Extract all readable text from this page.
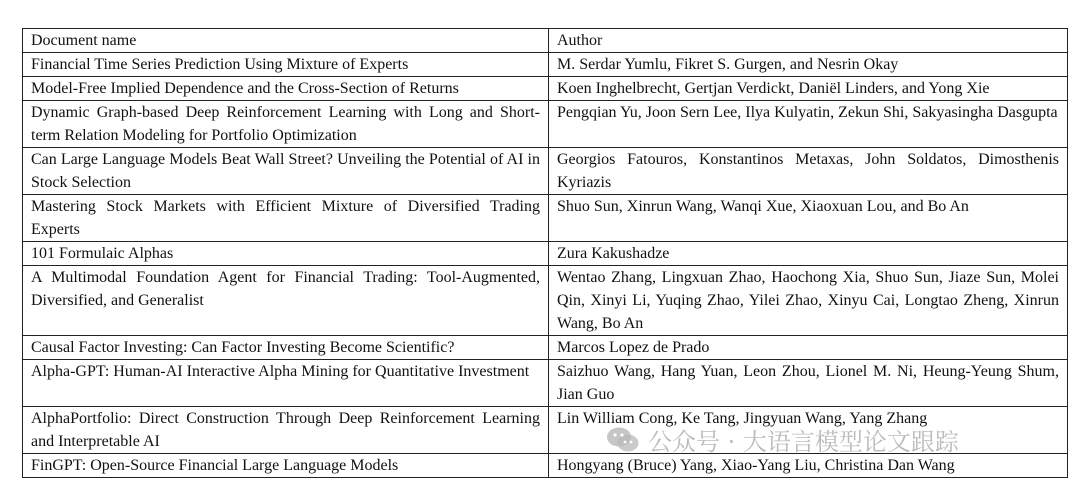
Document name	Author
Financial Time Series Prediction Using Mixture of Experts	M. Serdar Yumlu, Fikret S. Gurgen, and Nesrin Okay
Model-Free Implied Dependence and the Cross-Section of Returns	Koen Inghelbrecht, Gertjan Verdickt, Daniël Linders, and Yong Xie
Dynamic Graph-based Deep Reinforcement Learning with Long and Short-term Relation Modeling for Portfolio Optimization	Pengqian Yu, Joon Sern Lee, Ilya Kulyatin, Zekun Shi, Sakyasingha Dasgupta
Can Large Language Models Beat Wall Street? Unveiling the Potential of AI in Stock Selection	Georgios Fatouros, Konstantinos Metaxas, John Soldatos, Dimosthenis Kyriazis
Mastering Stock Markets with Efficient Mixture of Diversified Trading Experts	Shuo Sun, Xinrun Wang, Wanqi Xue, Xiaoxuan Lou, and Bo An
101 Formulaic Alphas	Zura Kakushadze
A Multimodal Foundation Agent for Financial Trading: Tool-Augmented, Diversified, and Generalist	Wentao Zhang, Lingxuan Zhao, Haochong Xia, Shuo Sun, Jiaze Sun, Molei Qin, Xinyi Li, Yuqing Zhao, Yilei Zhao, Xinyu Cai, Longtao Zheng, Xinrun Wang, Bo An
Causal Factor Investing: Can Factor Investing Become Scientific?	Marcos Lopez de Prado
Alpha-GPT: Human-AI Interactive Alpha Mining for Quantitative Investment	Saizhuo Wang, Hang Yuan, Leon Zhou, Lionel M. Ni, Heung-Yeung Shum, Jian Guo
AlphaPortfolio: Direct Construction Through Deep Reinforcement Learning and Interpretable AI	Lin William Cong, Ke Tang, Jingyuan Wang, Yang Zhang
FinGPT: Open-Source Financial Large Language Models	Hongyang (Bruce) Yang, Xiao-Yang Liu, Christina Dan Wang
公众号 · 大语言模型论文跟踪
